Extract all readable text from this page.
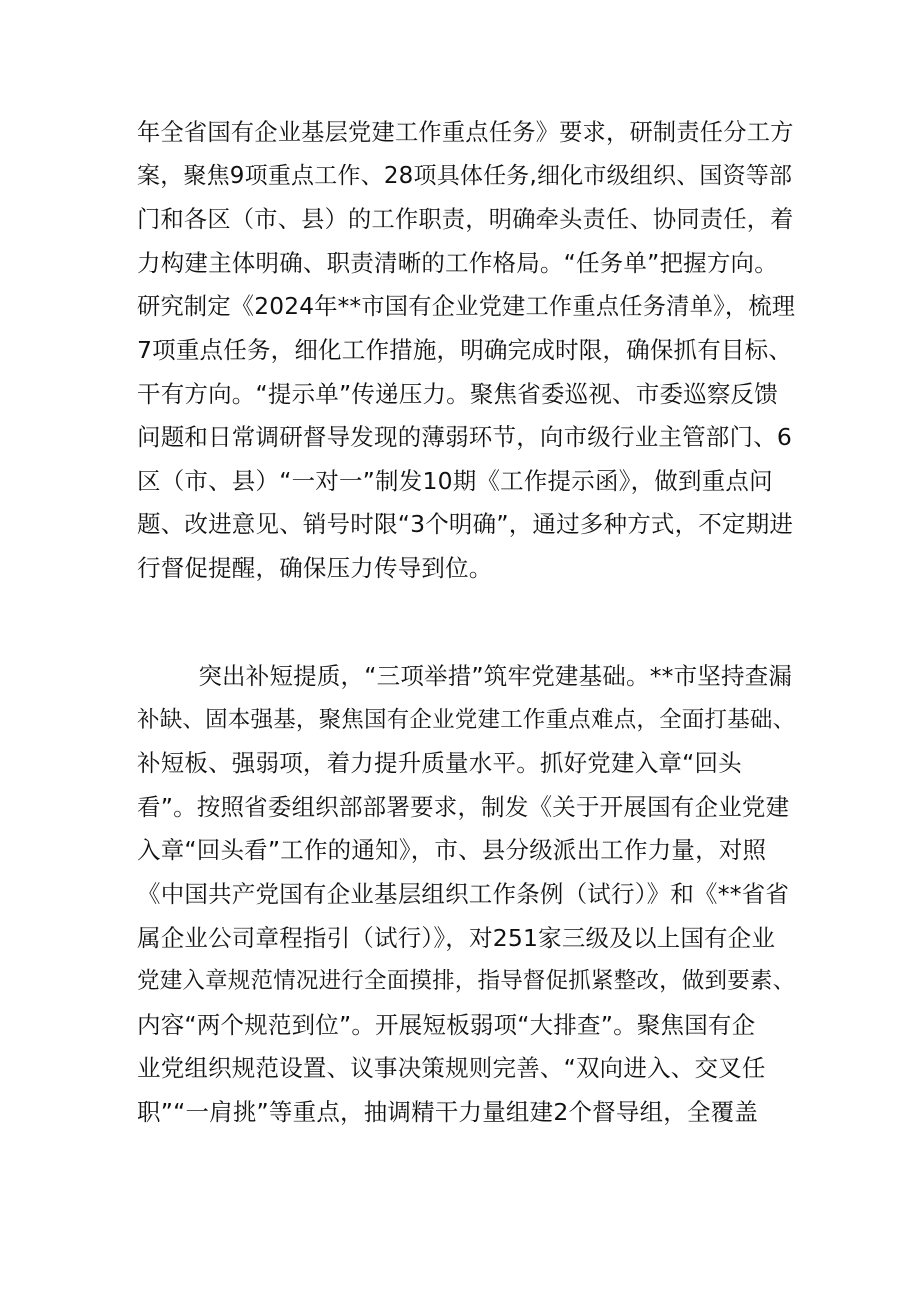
年全省国有企业基层党建工作重点任务》要求，研制责任分工方
案，聚焦9项重点工作、28项具体任务,细化市级组织、国资等部
门和各区（市、县）的工作职责，明确牵头责任、协同责任，着
力构建主体明确、职责清晰的工作格局。“任务单”把握方向。
研究制定《2024年**市国有企业党建工作重点任务清单》，梳理
7项重点任务，细化工作措施，明确完成时限，确保抓有目标、
干有方向。“提示单”传递压力。聚焦省委巡视、市委巡察反馈
问题和日常调研督导发现的薄弱环节，向市级行业主管部门、6
区（市、县）“一对一”制发10期《工作提示函》，做到重点问
题、改进意见、销号时限“3个明确”，通过多种方式，不定期进
行督促提醒，确保压力传导到位。
突出补短提质，“三项举措”筑牢党建基础。**市坚持查漏
补缺、固本强基，聚焦国有企业党建工作重点难点，全面打基础、
补短板、强弱项，着力提升质量水平。抓好党建入章“回头
看”。按照省委组织部部署要求，制发《关于开展国有企业党建
入章“回头看”工作的通知》，市、县分级派出工作力量，对照
《中国共产党国有企业基层组织工作条例（试行）》和《**省省
属企业公司章程指引（试行）》，对251家三级及以上国有企业
党建入章规范情况进行全面摸排，指导督促抓紧整改，做到要素、
内容“两个规范到位”。开展短板弱项“大排查”。聚焦国有企
业党组织规范设置、议事决策规则完善、“双向进入、交叉任
职”“一肩挑”等重点，抽调精干力量组建2个督导组，全覆盖
